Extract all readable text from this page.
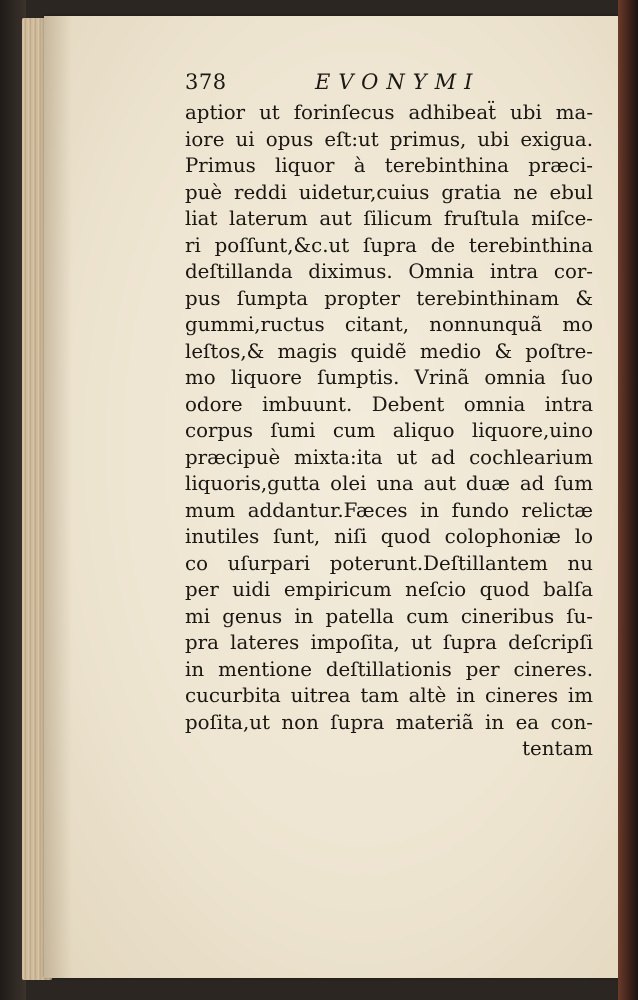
378	EVONYMI
aptior ut forinſecus adhibeaẗ ubi ma-
iore ui opus eſt:ut primus, ubi exigua.
Primus liquor à terebinthina præci-
puè reddi uidetur,cuius gratia ne ebul
liat laterum aut ſilicum fruſtula miſce-
ri poſſunt,&c.ut ſupra de terebinthina
deſtillanda diximus. Omnia intra cor-
pus ſumpta propter terebinthinam &
gummi,ructus citant, nonnunquã mo
leſtos,& magis quidẽ medio & poſtre-
mo liquore ſumptis. Vrinã omnia ſuo
odore imbuunt. Debent omnia intra
corpus ſumi cum aliquo liquore,uino
præcipuè mixta:ita ut ad cochlearium
liquoris,gutta olei una aut duæ ad ſum
mum addantur.Fæces in fundo relictæ
inutiles ſunt, niſi quod colophoniæ lo
co uſurpari poterunt.Deſtillantem nu
per uidi empiricum neſcio quod balſa
mi genus in patella cum cineribus ſu-
pra lateres impoſita, ut ſupra deſcripſi
in mentione deſtillationis per cineres.
cucurbita uitrea tam altè in cineres im
poſita,ut non ſupra materiã in ea con-
tentam
